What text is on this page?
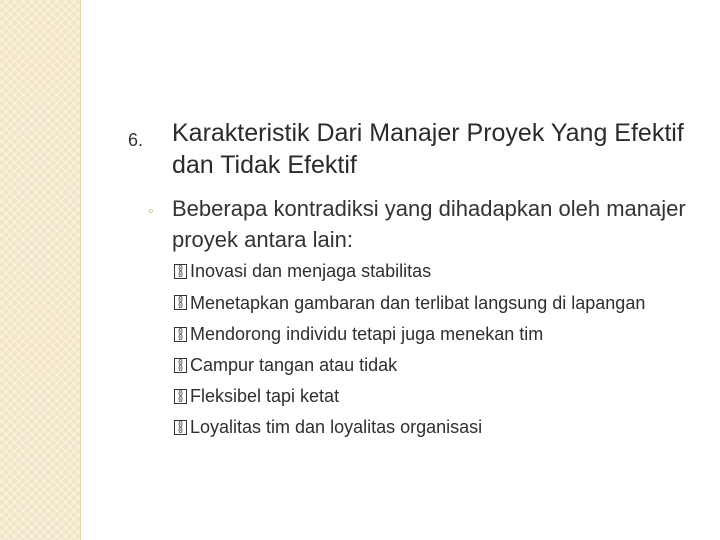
6. Karakteristik Dari Manajer Proyek Yang Efektif dan Tidak Efektif
◦ Beberapa kontradiksi yang dihadapkan oleh manajer proyek antara lain:
0 0
Inovasi dan menjaga stabilitas
0 0
Menetapkan gambaran dan terlibat langsung di lapangan
0 0
Mendorong individu tetapi juga menekan tim
0 0
Campur tangan atau tidak
0 0
Fleksibel tapi ketat
0 0
Loyalitas tim dan loyalitas organisasi
